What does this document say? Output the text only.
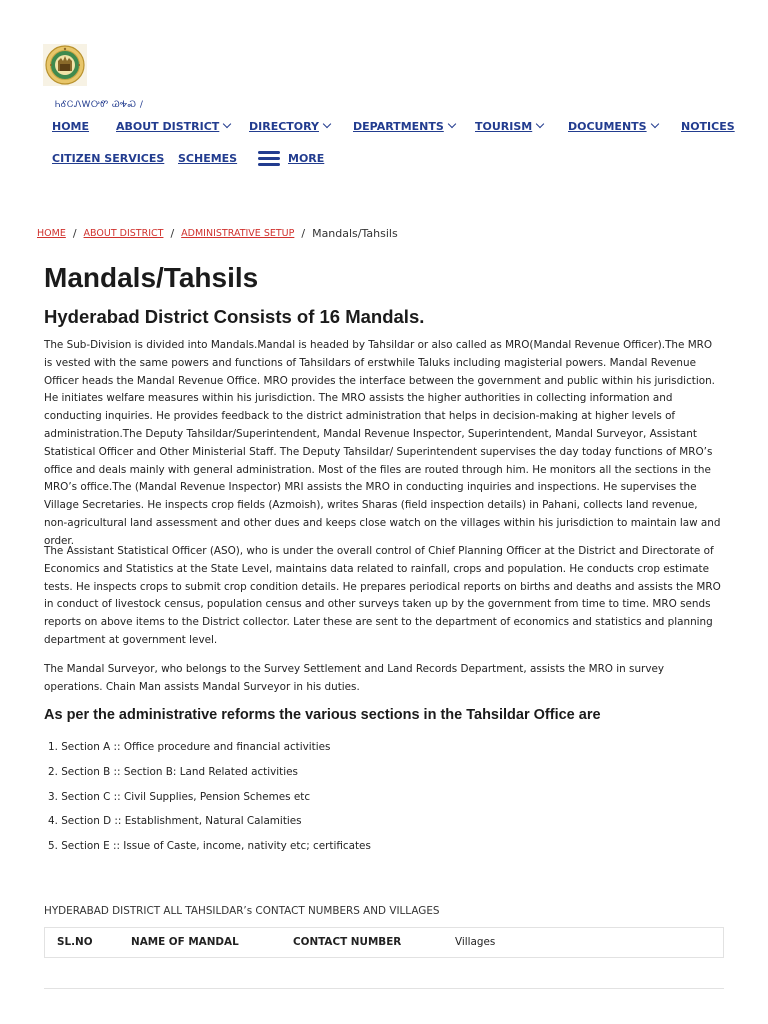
ᏂᎴᏟᏁᎳᎤᏛ ᏊᎭᏍ /
HOME ABOUT DISTRICT	DIRECTORY	DEPARTMENTS	TOURISM	DOCUMENTS	NOTICES
CITIZEN SERVICES SCHEMES	MORE
HOME / ABOUT DISTRICT / ADMINISTRATIVE SETUP / Mandals/Tahsils
Mandals/Tahsils
Hyderabad District Consists of 16 Mandals.

The Sub-Division is divided into Mandals.Mandal is headed by Tahsildar or also called as MRO(Mandal Revenue Officer).The MRO is vested with the same powers and functions of Tahsildars of erstwhile Taluks including magisterial powers. Mandal Revenue Officer heads the Mandal Revenue Office. MRO provides the interface between the government and public within his jurisdiction. He initiates welfare measures within his jurisdiction. The MRO assists the higher authorities in collecting information and conducting inquiries. He provides feedback to the district administration that helps in decision-making at higher levels of administration.The Deputy Tahsildar/Superintendent, Mandal Revenue Inspector, Superintendent, Mandal Surveyor, Assistant Statistical Officer and Other Ministerial Staff. The Deputy Tahsildar/ Superintendent supervises the day today functions of MRO’s office and deals mainly with general administration. Most of the files are routed through him. He monitors all the sections in the MRO’s office.The (Mandal Revenue Inspector) MRI assists the MRO in conducting inquiries and inspections. He supervises the Village Secretaries. He inspects crop fields (Azmoish), writes Sharas (field inspection details) in Pahani, collects land revenue, non-agricultural land assessment and other dues and keeps close watch on the villages within his jurisdiction to maintain law and order.

The Assistant Statistical Officer (ASO), who is under the overall control of Chief Planning Officer at the District and Directorate of Economics and Statistics at the State Level, maintains data related to rainfall, crops and population. He conducts crop estimate tests. He inspects crops to submit crop condition details. He prepares periodical reports on births and deaths and assists the MRO in conduct of livestock census, population census and other surveys taken up by the government from time to time. MRO sends reports on above items to the District collector. Later these are sent to the department of economics and statistics and planning department at government level.

The Mandal Surveyor, who belongs to the Survey Settlement and Land Records Department, assists the MRO in survey operations. Chain Man assists Mandal Surveyor in his duties.

As per the administrative reforms the various sections in the Tahsildar Office are
1. Section A :: Office procedure and financial activities
2. Section B :: Section B: Land Related activities
3. Section C :: Civil Supplies, Pension Schemes etc
4. Section D :: Establishment, Natural Calamities
5. Section E :: Issue of Caste, income, nativity etc; certificates
HYDERABAD DISTRICT ALL TAHSILDAR’s CONTACT NUMBERS AND VILLAGES
SL.NO	NAME OF MANDAL	CONTACT NUMBER	Villages
